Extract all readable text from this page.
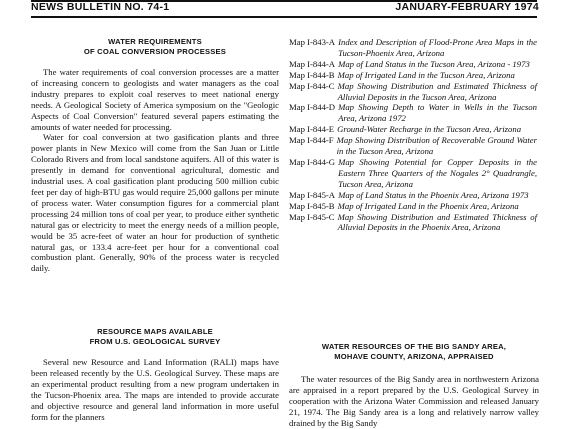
NEWS BULLETIN NO. 74-1	JANUARY-FEBRUARY 1974
WATER REQUIREMENTS
OF COAL CONVERSION PROCESSES

The water requirements of coal conversion processes are a matter of increasing concern to geologists and water managers as the coal industry prepares to exploit coal reserves to meet national energy needs. A Geological Society of America symposium on the "Geologic Aspects of Coal Conversion" featured several papers estimating the amounts of water needed for processing.

Water for coal conversion at two gasification plants and three power plants in New Mexico will come from the San Juan or Little Colorado Rivers and from local sandstone aquifers. All of this water is presently in demand for conventional agricultural, domestic and industrial uses. A coal gasification plant producing 500 million cubic feet per day of high-BTU gas would require 25,000 gallons per minute of process water. Water consumption figures for a commercial plant processing 24 million tons of coal per year, to produce either synthetic natural gas or electricity to meet the energy needs of a million people, would be 35 acre-feet of water an hour for production of synthetic natural gas, or 133.4 acre-feet per hour for a conventional coal combustion plant. Generally, 90% of the process water is recycled daily.

RESOURCE MAPS AVAILABLE
FROM U.S. GEOLOGICAL SURVEY

Several new Resource and Land Information (RALI) maps have been released recently by the U.S. Geological Survey. These maps are an experimental product resulting from a new program undertaken in the Tucson-Phoenix area. The maps are intended to provide accurate and objective resource and general land information in more useful form for the planners

Map I-843-A Index and Description of Flood-Prone Area Maps in the Tucson-Phoenix Area, Arizona
Map I-844-A Map of Land Status in the Tucson Area, Arizona - 1973
Map I-844-B Map of Irrigated Land in the Tucson Area, Arizona
Map I-844-C Map Showing Distribution and Estimated Thickness of Alluvial Deposits in the Tucson Area, Arizona
Map I-844-D Map Showing Depth to Water in Wells in the Tucson Area, Arizona 1972
Map I-844-E Ground-Water Recharge in the Tucson Area, Arizona
Map I-844-F Map Showing Distribution of Recoverable Ground Water in the Tucson Area, Arizona
Map I-844-G Map Showing Potential for Copper Deposits in the Eastern Three Quarters of the Nogales 2° Quadrangle, Tucson Area, Arizona
Map I-845-A Map of Land Status in the Phoenix Area, Arizona 1973
Map I-845-B Map of Irrigated Land in the Phoenix Area, Arizona
Map I-845-C Map Showing Distribution and Estimated Thickness of Alluvial Deposits in the Phoenix Area, Arizona
WATER RESOURCES OF THE BIG SANDY AREA,
MOHAVE COUNTY, ARIZONA, APPRAISED

The water resources of the Big Sandy area in northwestern Arizona are appraised in a report prepared by the U.S. Geological Survey in cooperation with the Arizona Water Commission and released January 21, 1974. The Big Sandy area is a long and relatively narrow valley drained by the Big Sandy
